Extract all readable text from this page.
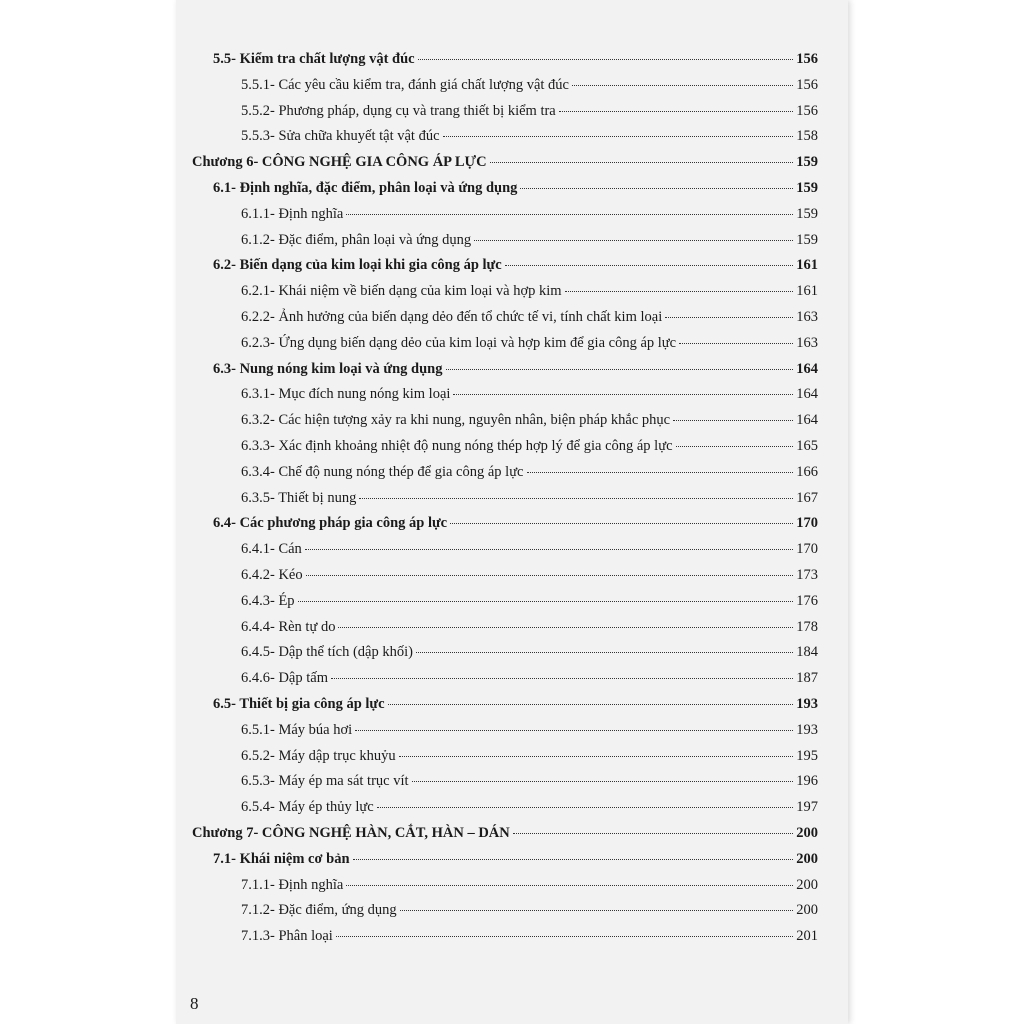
5.5- Kiểm tra chất lượng vật đúc	156
5.5.1- Các yêu cầu kiểm tra, đánh giá chất lượng vật đúc	156
5.5.2- Phương pháp, dụng cụ và trang thiết bị kiểm tra	156
5.5.3- Sửa chữa khuyết tật vật đúc	158
Chương 6- CÔNG NGHỆ GIA CÔNG ÁP LỰC	159
6.1- Định nghĩa, đặc điểm, phân loại và ứng dụng	159
6.1.1- Định nghĩa	159
6.1.2- Đặc điểm, phân loại và ứng dụng	159
6.2- Biến dạng của kim loại khi gia công áp lực	161
6.2.1- Khái niệm về biến dạng của kim loại và hợp kim	161
6.2.2- Ảnh hưởng của biến dạng dẻo đến tổ chức tế vi, tính chất kim loại	163
6.2.3- Ứng dụng biến dạng dẻo của kim loại và hợp kim để gia công áp lực	163
6.3- Nung nóng kim loại và ứng dụng	164
6.3.1- Mục đích nung nóng kim loại	164
6.3.2- Các hiện tượng xảy ra khi nung, nguyên nhân, biện pháp khắc phục	164
6.3.3- Xác định khoảng nhiệt độ nung nóng thép hợp lý để gia công áp lực	165
6.3.4- Chế độ nung nóng thép để gia công áp lực	166
6.3.5- Thiết bị nung	167
6.4- Các phương pháp gia công áp lực	170
6.4.1- Cán	170
6.4.2- Kéo	173
6.4.3- Ép	176
6.4.4- Rèn tự do	178
6.4.5- Dập thể tích (dập khối)	184
6.4.6- Dập tấm	187
6.5- Thiết bị gia công áp lực	193
6.5.1- Máy búa hơi	193
6.5.2- Máy dập trục khuỷu	195
6.5.3- Máy ép ma sát trục vít	196
6.5.4- Máy ép thủy lực	197
Chương 7- CÔNG NGHỆ HÀN, CẮT, HÀN – DÁN	200
7.1- Khái niệm cơ bản	200
7.1.1- Định nghĩa	200
7.1.2- Đặc điểm, ứng dụng	200
7.1.3- Phân loại	201
8
